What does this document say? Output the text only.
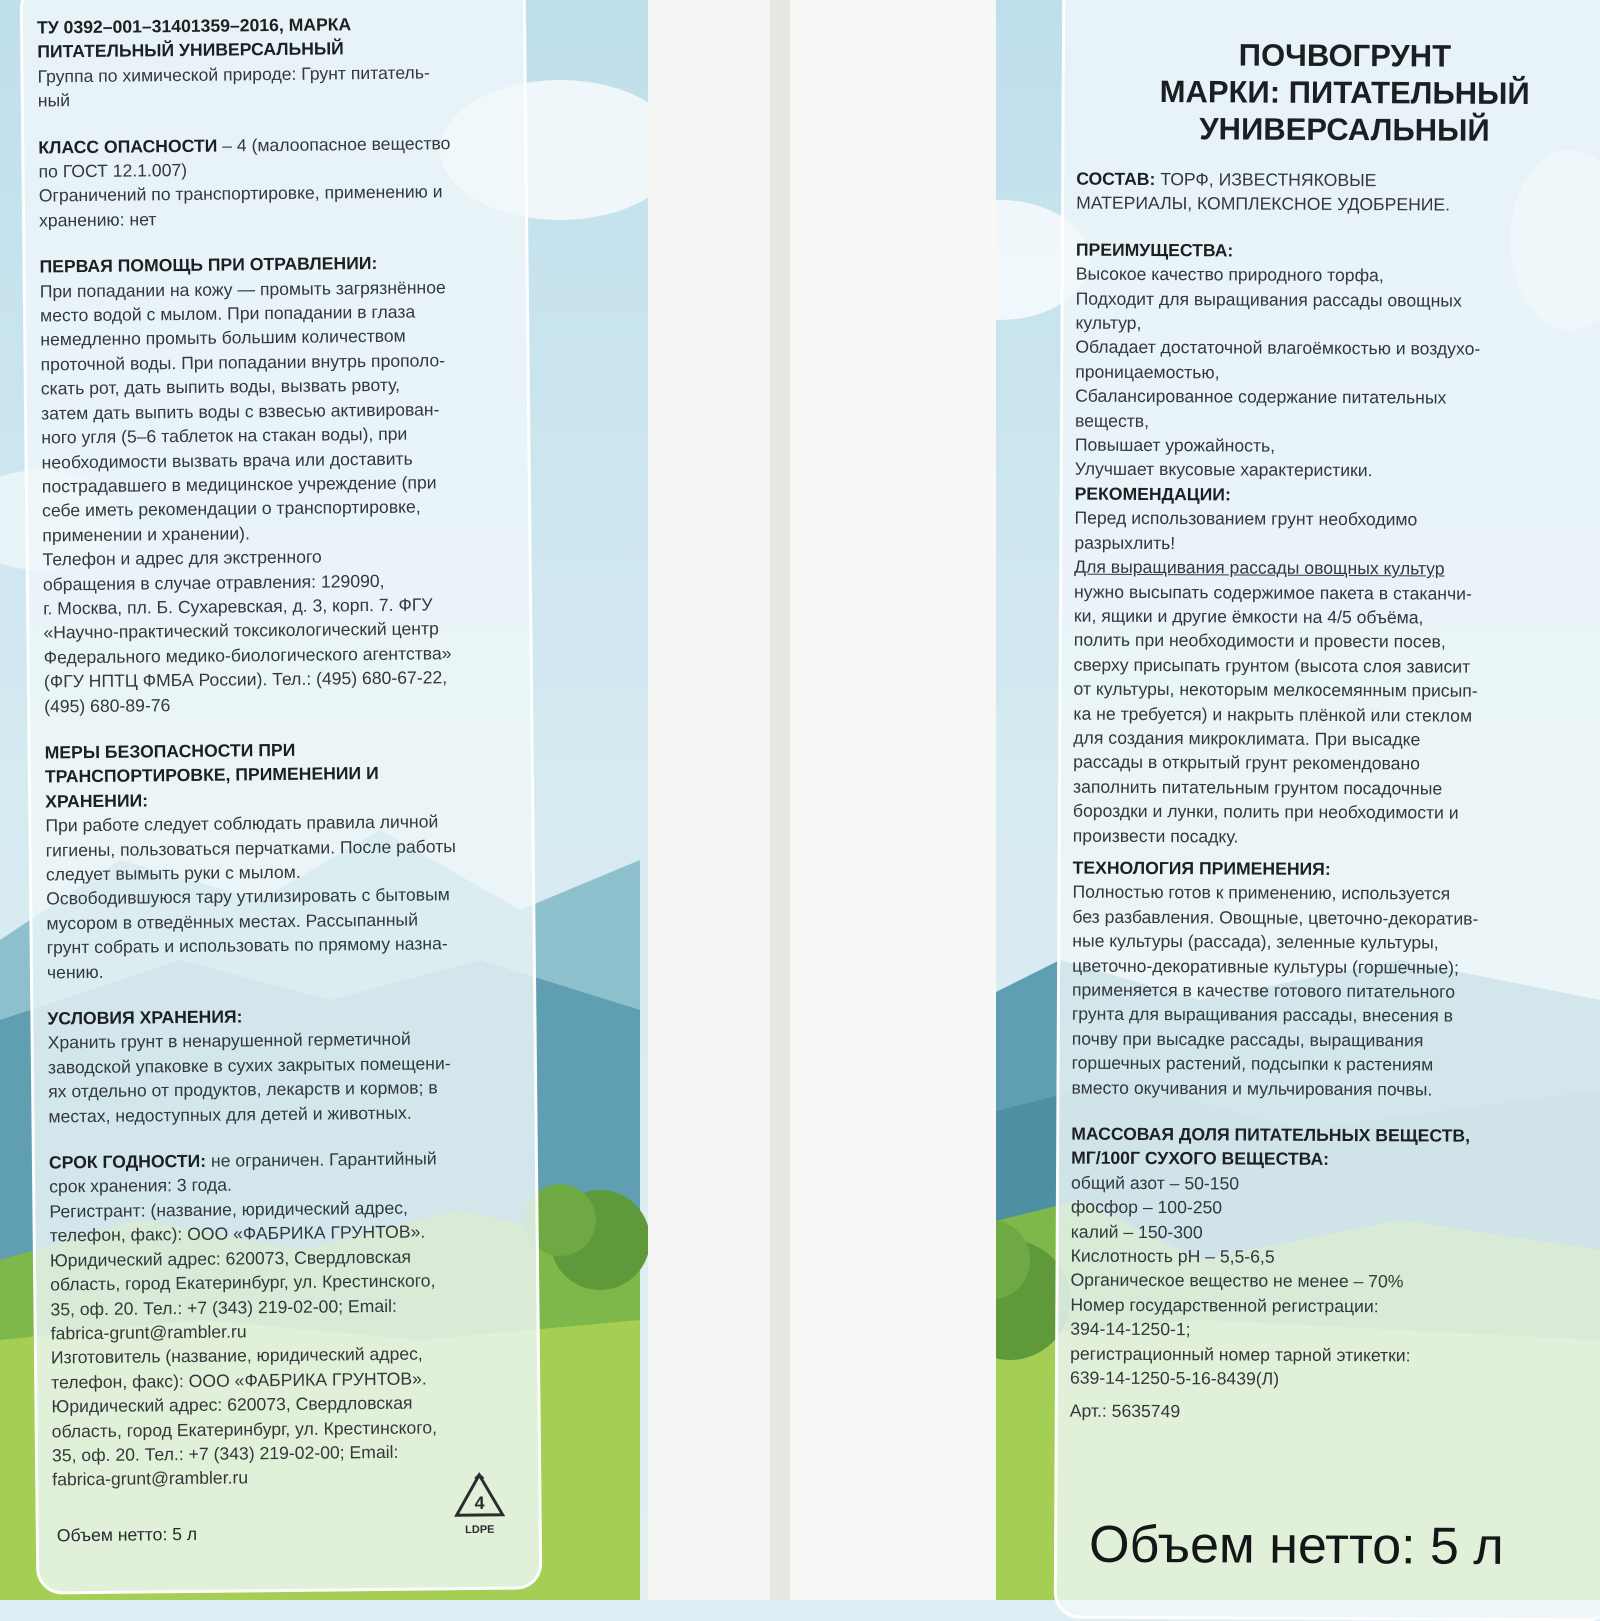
ТУ 0392–001–31401359–2016, МАРКА

ПИТАТЕЛЬНЫЙ УНИВЕРСАЛЬНЫЙ

Группа по химической природе: Грунт питатель-
ный

КЛАСС ОПАСНОСТИ – 4 (малоопасное вещество
по ГОСТ 12.1.007)

Ограничений по транспортировке, применению и
хранению: нет

ПЕРВАЯ ПОМОЩЬ ПРИ ОТРАВЛЕНИИ:

При попадании на кожу — промыть загрязнённое
место водой с мылом. При попадании в глаза
немедленно промыть большим количеством
проточной воды. При попадании внутрь прополо-
скать рот, дать выпить воды, вызвать рвоту,
затем дать выпить воды с взвесью активирован-
ного угля (5–6 таблеток на стакан воды), при
необходимости вызвать врача или доставить
пострадавшего в медицинское учреждение (при
себе иметь рекомендации о транспортировке,
применении и хранении).

Телефон и адрес для экстренного
обращения в случае отравления: 129090,
г. Москва, пл. Б. Сухаревская, д. 3, корп. 7. ФГУ
«Научно-практический токсикологический центр
Федерального медико-биологического агентства»
(ФГУ НПТЦ ФМБА России). Тел.: (495) 680-67-22,
(495) 680-89-76

МЕРЫ БЕЗОПАСНОСТИ ПРИ
ТРАНСПОРТИРОВКЕ, ПРИМЕНЕНИИ И
ХРАНЕНИИ:

При работе следует соблюдать правила личной
гигиены, пользоваться перчатками. После работы
следует вымыть руки с мылом.
Освободившуюся тару утилизировать с бытовым
мусором в отведённых местах. Рассыпанный
грунт собрать и использовать по прямому назна-
чению.

УСЛОВИЯ ХРАНЕНИЯ:

Хранить грунт в ненарушенной герметичной
заводской упаковке в сухих закрытых помещени-
ях отдельно от продуктов, лекарств и кормов; в
местах, недоступных для детей и животных.

СРОК ГОДНОСТИ: не ограничен. Гарантийный
срок хранения: 3 года.

Регистрант: (название, юридический адрес,
телефон, факс): ООО «ФАБРИКА ГРУНТОВ».
Юридический адрес: 620073, Свердловская
область, город Екатеринбург, ул. Крестинского,
35, оф. 20. Тел.: +7 (343) 219-02-00; Email:
fabrica-grunt@rambler.ru

Изготовитель (название, юридический адрес,
телефон, факс): ООО «ФАБРИКА ГРУНТОВ».
Юридический адрес: 620073, Свердловская
область, город Екатеринбург, ул. Крестинского,
35, оф. 20. Тел.: +7 (343) 219-02-00; Email:
fabrica-grunt@rambler.ru

Объем нетто: 5 л
4
LDPE

ПОЧВОГРУНТ
МАРКИ: ПИТАТЕЛЬНЫЙ
УНИВЕРСАЛЬНЫЙ

СОСТАВ: ТОРФ, ИЗВЕСТНЯКОВЫЕ
МАТЕРИАЛЫ, КОМПЛЕКСНОЕ УДОБРЕНИЕ.

ПРЕИМУЩЕСТВА:

Высокое качество природного торфа,
Подходит для выращивания рассады овощных
культур,
Обладает достаточной влагоёмкостью и воздухо-
проницаемостью,
Сбалансированное содержание питательных
веществ,
Повышает урожайность,
Улучшает вкусовые характеристики.

РЕКОМЕНДАЦИИ:

Перед использованием грунт необходимо
разрыхлить!

Для выращивания рассады овощных культур

нужно высыпать содержимое пакета в стаканчи-
ки, ящики и другие ёмкости на 4/5 объёма,
полить при необходимости и провести посев,
сверху присыпать грунтом (высота слоя зависит
от культуры, некоторым мелкосемянным присып-
ка не требуется) и накрыть плёнкой или стеклом
для создания микроклимата. При высадке
рассады в открытый грунт рекомендовано
заполнить питательным грунтом посадочные
бороздки и лунки, полить при необходимости и
произвести посадку.

ТЕХНОЛОГИЯ ПРИМЕНЕНИЯ:

Полностью готов к применению, используется
без разбавления. Овощные, цветочно-декоратив-
ные культуры (рассада), зеленные культуры,
цветочно-декоративные культуры (горшечные);
применяется в качестве готового питательного
грунта для выращивания рассады, внесения в
почву при высадке рассады, выращивания
горшечных растений, подсыпки к растениям
вместо окучивания и мульчирования почвы.

МАССОВАЯ ДОЛЯ ПИТАТЕЛЬНЫХ ВЕЩЕСТВ,
МГ/100Г СУХОГО ВЕЩЕСТВА:

общий азот – 50-150
фосфор – 100-250
калий – 150-300
Кислотность pH – 5,5-6,5
Органическое вещество не менее – 70%

Номер государственной регистрации:
394-14-1250-1;
регистрационный номер тарной этикетки:
639-14-1250-5-16-8439(Л)

Арт.: 5635749

Объем нетто: 5 л
